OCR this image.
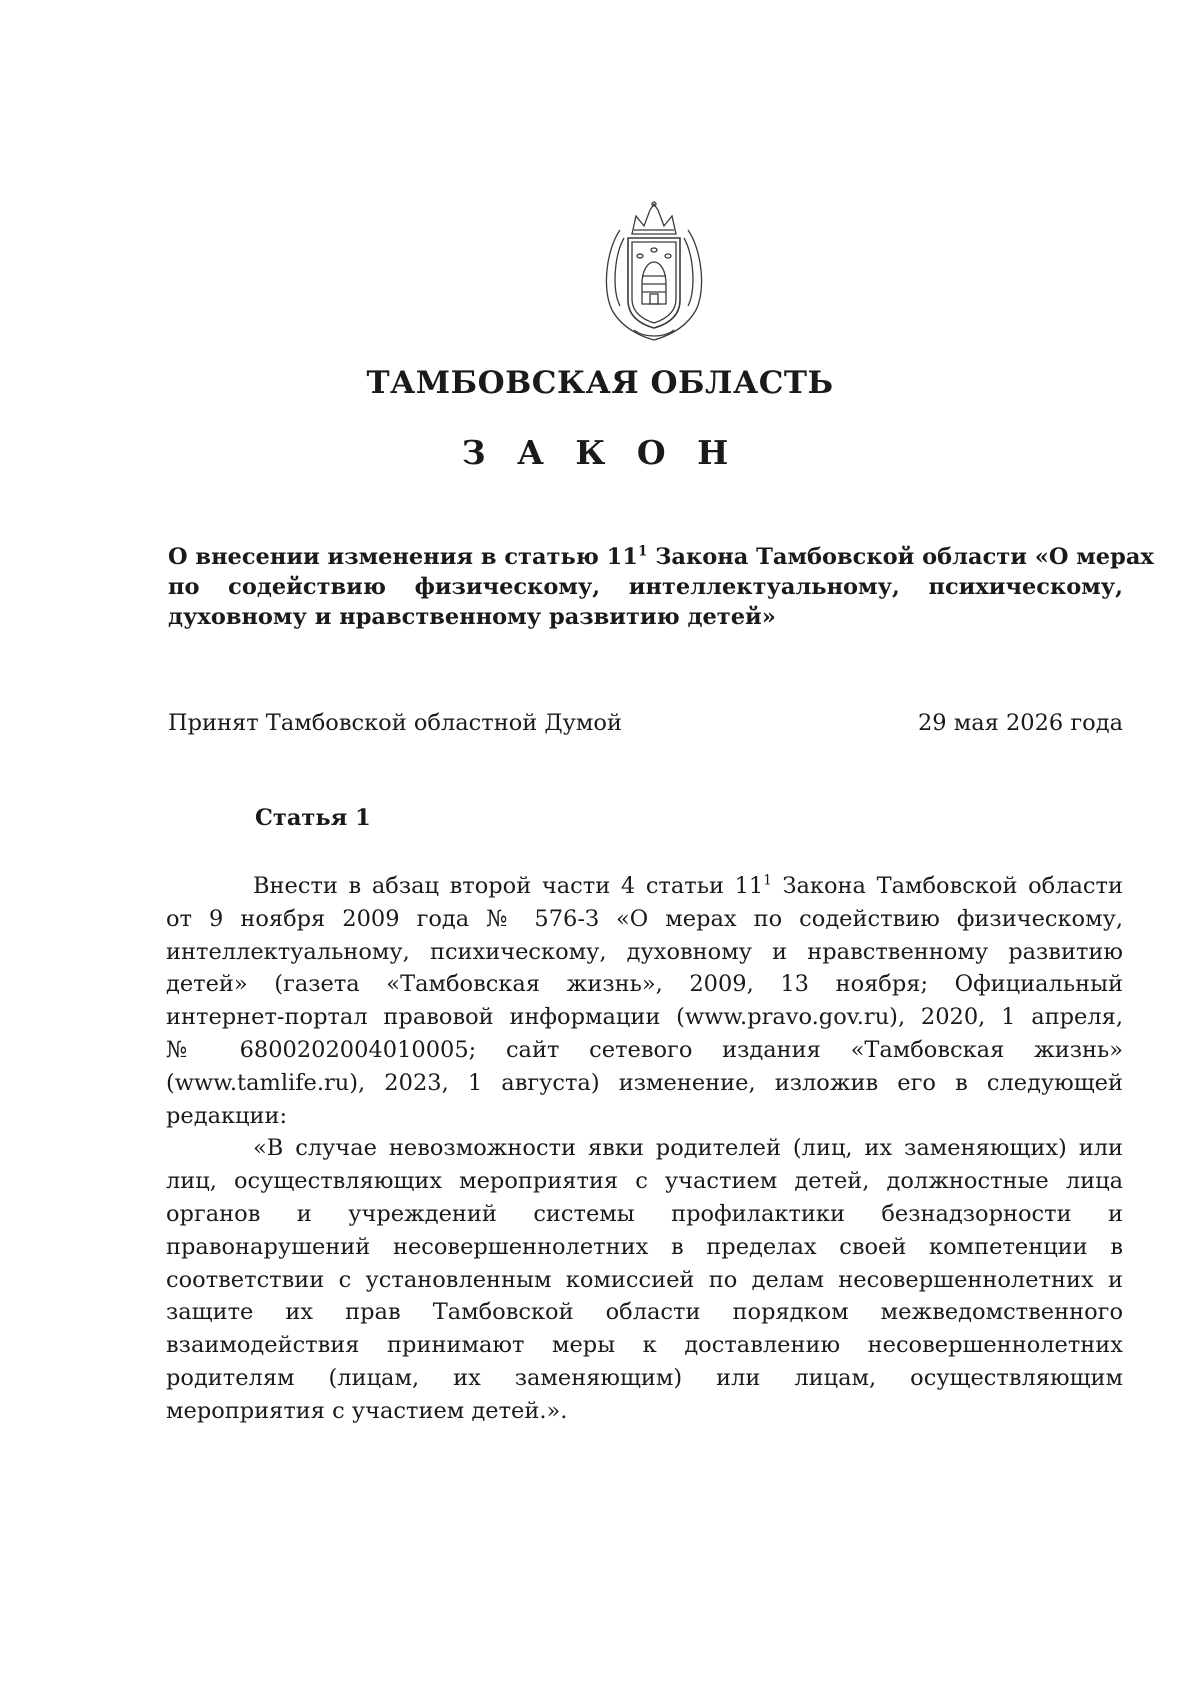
ТАМБОВСКАЯ ОБЛАСТЬ
З А К О Н
О внесении изменения в статью $11^1$ Закона Тамбовской области «О мерах
по содействию физическому, интеллектуальному, психическому,
духовному и нравственному развитию детей»
Принят Тамбовской областной Думой	29 мая 2026 года
Статья 1
Внести в абзац второй части 4 статьи $11^1$ Закона Тамбовской области
от 9 ноября 2009 года № 576-З «О мерах по содействию физическому,
интеллектуальному, психическому, духовному и нравственному развитию
детей» (газета «Тамбовская жизнь», 2009, 13 ноября; Официальный
интернет-портал правовой информации (www.pravo.gov.ru), 2020, 1 апреля,
№ 6800202004010005; сайт сетевого издания «Тамбовская жизнь»
(www.tamlife.ru), 2023, 1 августа) изменение, изложив его в следующей
редакции:
«В случае невозможности явки родителей (лиц, их заменяющих) или
лиц, осуществляющих мероприятия с участием детей, должностные лица
органов и учреждений системы профилактики безнадзорности и
правонарушений несовершеннолетних в пределах своей компетенции в
соответствии с установленным комиссией по делам несовершеннолетних и
защите их прав Тамбовской области порядком межведомственного
взаимодействия принимают меры к доставлению несовершеннолетних
родителям (лицам, их заменяющим) или лицам, осуществляющим
мероприятия с участием детей.».
